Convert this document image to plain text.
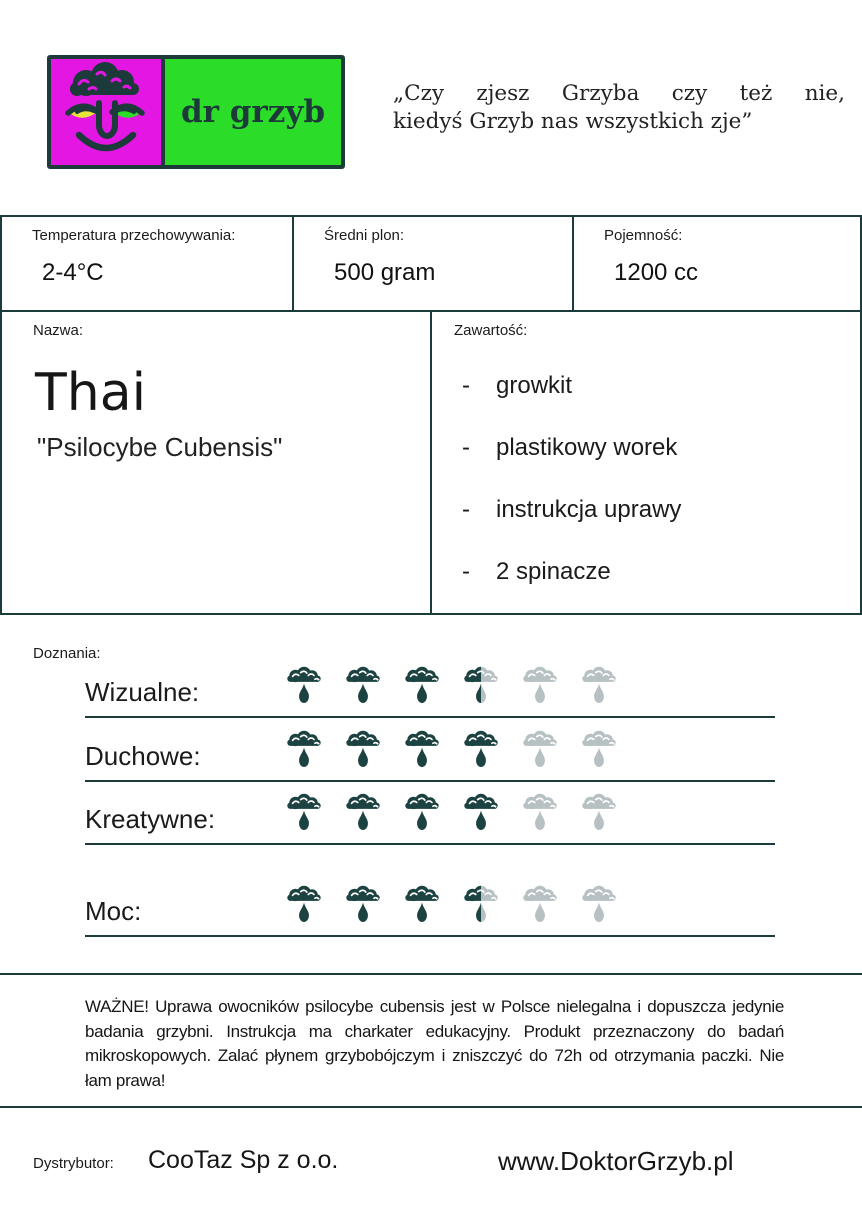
dr grzyb
„Czy zjesz Grzyba czy też nie,
kiedyś Grzyb nas wszystkich zje”
Temperatura przechowywania:
2-4°C
Średni plon:
500 gram
Pojemność:
1200 cc
Nazwa:
Thai
"Psilocybe Cubensis"
Zawartość:
-	growkit
-	plastikowy worek
-	instrukcja uprawy
-	2 spinacze
Doznania:
Wizualne:
Duchowe:
Kreatywne:
Moc:
WAŻNE! Uprawa owocników psilocybe cubensis jest w Polsce nielegalna i dopuszcza jedynie badania grzybni. Instrukcja ma charkater edukacyjny. Produkt przeznaczony do badań mikroskopowych. Zalać płynem grzybobójczym i zniszczyć do 72h od otrzymania paczki. Nie łam prawa!
Dystrybutor: CooTaz Sp z o.o.	www.DoktorGrzyb.pl
